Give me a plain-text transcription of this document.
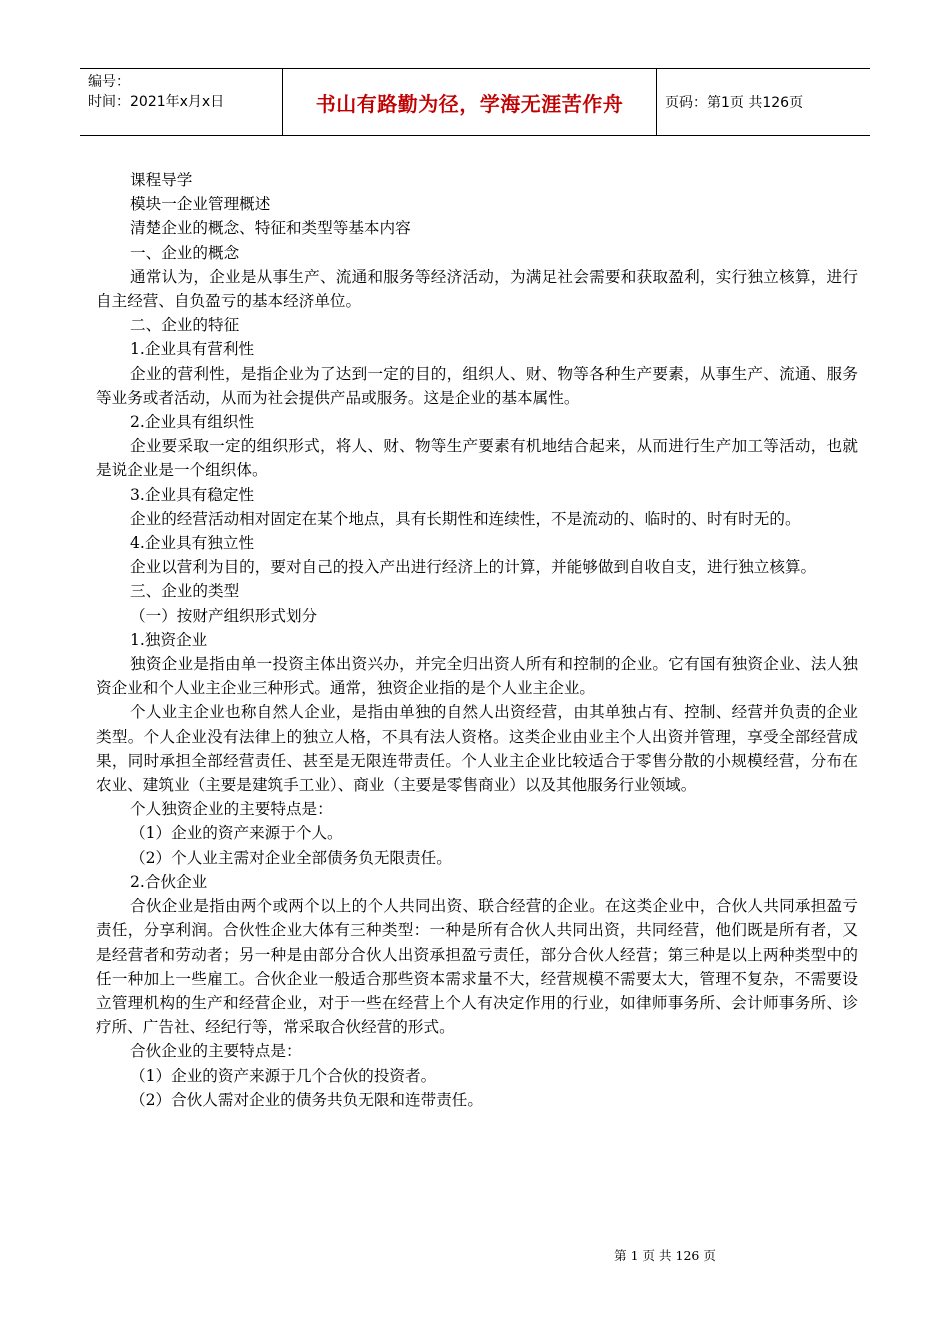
编号：
时间：2021年x月x日	书山有路勤为径，学海无涯苦作舟	页码：第1页 共126页

课程导学

模块一企业管理概述

清楚企业的概念、特征和类型等基本内容

一、企业的概念

通常认为，企业是从事生产、流通和服务等经济活动，为满足社会需要和获取盈利，实行独立核算，进行自主经营、自负盈亏的基本经济单位。

二、企业的特征

1.企业具有营利性

企业的营利性，是指企业为了达到一定的目的，组织人、财、物等各种生产要素，从事生产、流通、服务等业务或者活动，从而为社会提供产品或服务。这是企业的基本属性。

2.企业具有组织性

企业要采取一定的组织形式，将人、财、物等生产要素有机地结合起来，从而进行生产加工等活动，也就是说企业是一个组织体。

3.企业具有稳定性

企业的经营活动相对固定在某个地点，具有长期性和连续性，不是流动的、临时的、时有时无的。

4.企业具有独立性

企业以营利为目的，要对自己的投入产出进行经济上的计算，并能够做到自收自支，进行独立核算。

三、企业的类型

（一）按财产组织形式划分

1.独资企业

独资企业是指由单一投资主体出资兴办，并完全归出资人所有和控制的企业。它有国有独资企业、法人独资企业和个人业主企业三种形式。通常，独资企业指的是个人业主企业。

个人业主企业也称自然人企业，是指由单独的自然人出资经营，由其单独占有、控制、经营并负责的企业类型。个人企业没有法律上的独立人格，不具有法人资格。这类企业由业主个人出资并管理，享受全部经营成果，同时承担全部经营责任、甚至是无限连带责任。个人业主企业比较适合于零售分散的小规模经营，分布在农业、建筑业（主要是建筑手工业）、商业（主要是零售商业）以及其他服务行业领域。

个人独资企业的主要特点是：

（1）企业的资产来源于个人。

（2）个人业主需对企业全部债务负无限责任。

2.合伙企业

合伙企业是指由两个或两个以上的个人共同出资、联合经营的企业。在这类企业中，合伙人共同承担盈亏责任，分享利润。合伙性企业大体有三种类型：一种是所有合伙人共同出资，共同经营，他们既是所有者，又是经营者和劳动者；另一种是由部分合伙人出资承担盈亏责任，部分合伙人经营；第三种是以上两种类型中的任一种加上一些雇工。合伙企业一般适合那些资本需求量不大，经营规模不需要太大，管理不复杂，不需要设立管理机构的生产和经营企业，对于一些在经营上个人有决定作用的行业，如律师事务所、会计师事务所、诊疗所、广告社、经纪行等，常采取合伙经营的形式。

合伙企业的主要特点是：

（1）企业的资产来源于几个合伙的投资者。

（2）合伙人需对企业的债务共负无限和连带责任。

第 1 页 共 126 页
